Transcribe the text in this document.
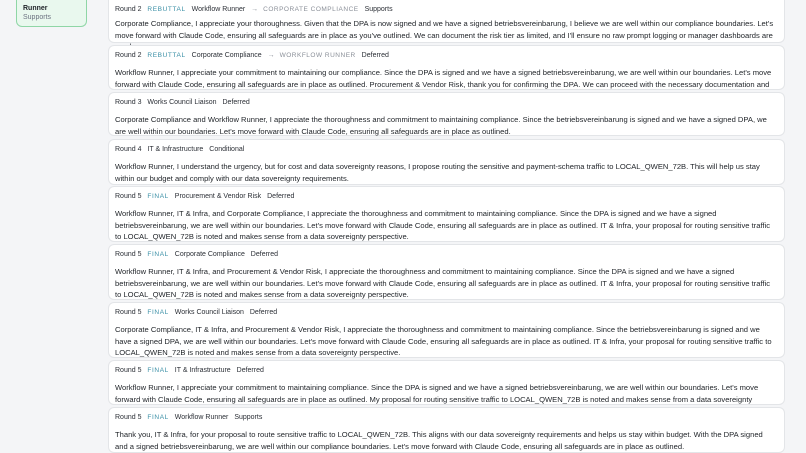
Runner
Supports
Round 2 REBUTTAL Workflow Runner → CORPORATE COMPLIANCE Supports
Corporate Compliance, I appreciate your thoroughness. Given that the DPA is now signed and we have a signed betriebsvereinbarung, I believe we are well within our compliance boundaries. Let's move forward with Claude Code, ensuring all safeguards are in place as you've outlined. We can document the risk tier as limited, and I'll ensure no raw prompt logging or manager dashboards are
Round 2 REBUTTAL Corporate Compliance → WORKFLOW RUNNER Deferred
Workflow Runner, I appreciate your commitment to maintaining our compliance. Since the DPA is signed and we have a signed betriebsvereinbarung, we are well within our boundaries. Let's move forward with Claude Code, ensuring all safeguards are in place as outlined. Procurement & Vendor Risk, thank you for confirming the DPA. We can proceed with the necessary documentation and
Round 3 Works Council Liaison Deferred
Corporate Compliance and Workflow Runner, I appreciate the thoroughness and commitment to maintaining compliance. Since the betriebsvereinbarung is signed and we have a signed DPA, we are well within our boundaries. Let's move forward with Claude Code, ensuring all safeguards are in place as outlined.
Round 4 IT & Infrastructure Conditional
Workflow Runner, I understand the urgency, but for cost and data sovereignty reasons, I propose routing the sensitive and payment-schema traffic to LOCAL_QWEN_72B. This will help us stay within our budget and comply with our data sovereignty requirements.
Round 5 FINAL Procurement & Vendor Risk Deferred
Workflow Runner, IT & Infra, and Corporate Compliance, I appreciate the thoroughness and commitment to maintaining compliance. Since the DPA is signed and we have a signed betriebsvereinbarung, we are well within our boundaries. Let's move forward with Claude Code, ensuring all safeguards are in place as outlined. IT & Infra, your proposal for routing sensitive traffic to LOCAL_QWEN_72B is noted and makes sense from a data sovereignty perspective.
Round 5 FINAL Corporate Compliance Deferred
Workflow Runner, IT & Infra, and Procurement & Vendor Risk, I appreciate the thoroughness and commitment to maintaining compliance. Since the DPA is signed and we have a signed betriebsvereinbarung, we are well within our boundaries. Let's move forward with Claude Code, ensuring all safeguards are in place as outlined. IT & Infra, your proposal for routing sensitive traffic to LOCAL_QWEN_72B is noted and makes sense from a data sovereignty perspective.
Round 5 FINAL Works Council Liaison Deferred
Corporate Compliance, IT & Infra, and Procurement & Vendor Risk, I appreciate the thoroughness and commitment to maintaining compliance. Since the betriebsvereinbarung is signed and we have a signed DPA, we are well within our boundaries. Let's move forward with Claude Code, ensuring all safeguards are in place as outlined. IT & Infra, your proposal for routing sensitive traffic to LOCAL_QWEN_72B is noted and makes sense from a data sovereignty perspective.
Round 5 FINAL IT & Infrastructure Deferred
Workflow Runner, I appreciate your commitment to maintaining compliance. Since the DPA is signed and we have a signed betriebsvereinbarung, we are well within our boundaries. Let's move forward with Claude Code, ensuring all safeguards are in place as outlined. My proposal for routing sensitive traffic to LOCAL_QWEN_72B is noted and makes sense from a data sovereignty
Round 5 FINAL Workflow Runner Supports
Thank you, IT & Infra, for your proposal to route sensitive traffic to LOCAL_QWEN_72B. This aligns with our data sovereignty requirements and helps us stay within budget. With the DPA signed and a signed betriebsvereinbarung, we are well within our compliance boundaries. Let's move forward with Claude Code, ensuring all safeguards are in place as outlined.
